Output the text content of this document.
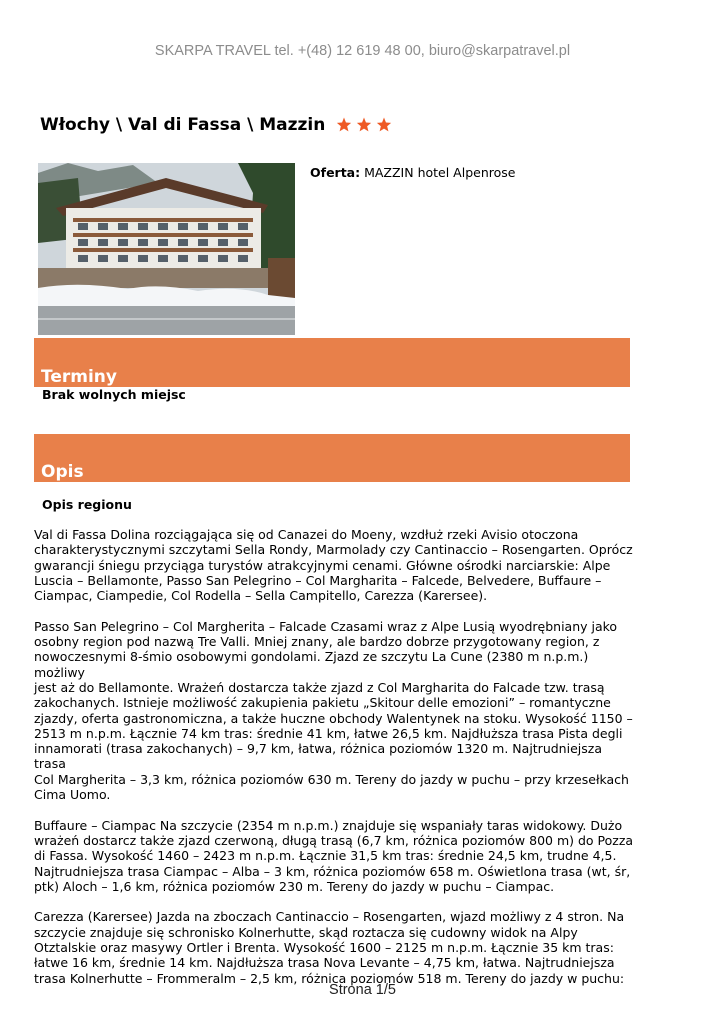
SKARPA TRAVEL tel. +(48) 12 619 48 00, biuro@skarpatravel.pl
Włochy \ Val di Fassa \ Mazzin
Oferta: MAZZIN hotel Alpenrose
Terminy
Brak wolnych miejsc
Opis
Opis regionu

Val di Fassa Dolina rozciągająca się od Canazei do Moeny, wzdłuż rzeki Avisio otoczona
charakterystycznymi szczytami Sella Rondy, Marmolady czy Cantinaccio – Rosengarten. Oprócz
gwarancji śniegu przyciąga turystów atrakcyjnymi cenami. Główne ośrodki narciarskie: Alpe
Luscia – Bellamonte, Passo San Pelegrino – Col Margharita – Falcede, Belvedere, Buffaure –
Ciampac, Ciampedie, Col Rodella – Sella Campitello, Carezza (Karersee).

Passo San Pelegrino – Col Margherita – Falcade Czasami wraz z Alpe Lusią wyodrębniany jako
osobny region pod nazwą Tre Valli. Mniej znany, ale bardzo dobrze przygotowany region, z
nowoczesnymi 8-śmio osobowymi gondolami. Zjazd ze szczytu La Cune (2380 m n.p.m.) możliwy
jest aż do Bellamonte. Wrażeń dostarcza także zjazd z Col Margharita do Falcade tzw. trasą
zakochanych. Istnieje możliwość zakupienia pakietu „Skitour delle emozioni” – romantyczne
zjazdy, oferta gastronomiczna, a także huczne obchody Walentynek na stoku. Wysokość 1150 –
2513 m n.p.m. Łącznie 74 km tras: średnie 41 km, łatwe 26,5 km. Najdłuższa trasa Pista degli
innamorati (trasa zakochanych) – 9,7 km, łatwa, różnica poziomów 1320 m. Najtrudniejsza trasa
Col Margherita – 3,3 km, różnica poziomów 630 m. Tereny do jazdy w puchu – przy krzesełkach
Cima Uomo.

Buffaure – Ciampac Na szczycie (2354 m n.p.m.) znajduje się wspaniały taras widokowy. Dużo
wrażeń dostarcz także zjazd czerwoną, długą trasą (6,7 km, różnica poziomów 800 m) do Pozza
di Fassa. Wysokość 1460 – 2423 m n.p.m. Łącznie 31,5 km tras: średnie 24,5 km, trudne 4,5.
Najtrudniejsza trasa Ciampac – Alba – 3 km, różnica poziomów 658 m. Oświetlona trasa (wt, śr,
ptk) Aloch – 1,6 km, różnica poziomów 230 m. Tereny do jazdy w puchu – Ciampac.

Carezza (Karersee) Jazda na zboczach Cantinaccio – Rosengarten, wjazd możliwy z 4 stron. Na
szczycie znajduje się schronisko Kolnerhutte, skąd roztacza się cudowny widok na Alpy
Otztalskie oraz masywy Ortler i Brenta. Wysokość 1600 – 2125 m n.p.m. Łącznie 35 km tras:
łatwe 16 km, średnie 14 km. Najdłuższa trasa Nova Levante – 4,75 km, łatwa. Najtrudniejsza
trasa Kolnerhutte – Frommeralm – 2,5 km, różnica poziomów 518 m. Tereny do jazdy w puchu:

Strona 1/5
